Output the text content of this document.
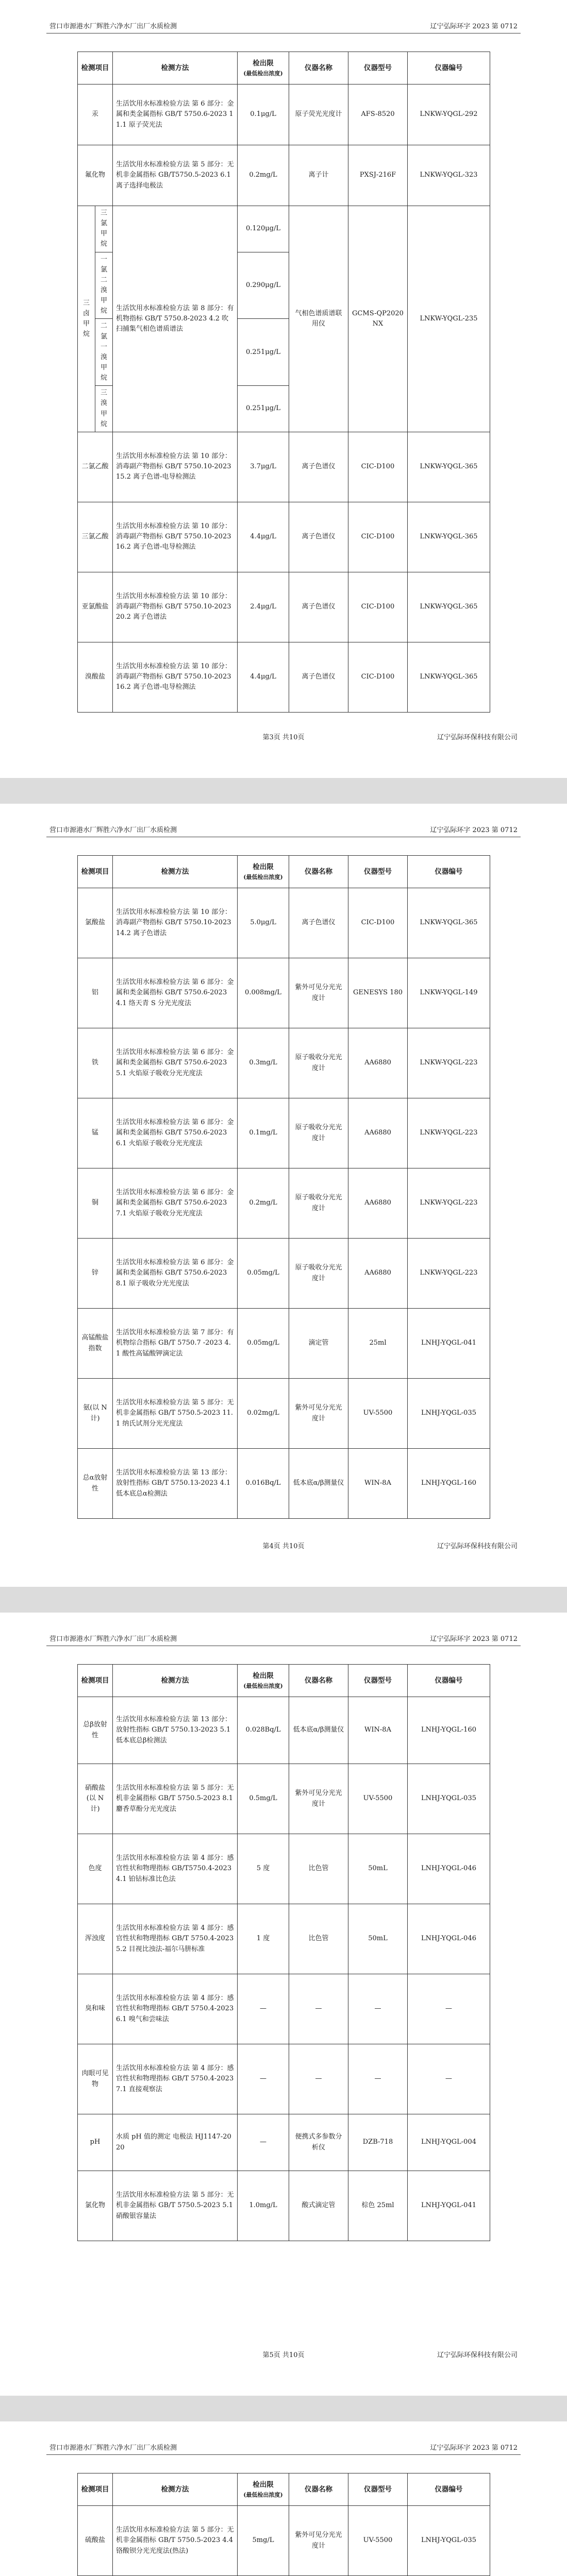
营口市源港水厂辉胜六净水厂出厂水质检测	辽宁弘际环字 2023 第 0712
检测项目		检测方法	检出限
(最低检出浓度)	仪器名称	仪器型号	仪器编号
汞		生活饮用水标准检验方法 第 6 部分：金属和类金属指标 GB/T 5750.6-2023 11.1 原子荧光法	0.1μg/L	原子荧光光度计	AFS-8520	LNKW-YQGL-292
氟化物		生活饮用水标准检验方法 第 5 部分：无机非金属指标 GB/T5750.5-2023 6.1 离子选择电极法	0.2mg/L	离子计	PXSJ-216F	LNKW-YQGL-323
三卤甲烷	三氯甲烷	生活饮用水标准检验方法 第 8 部分：有机物指标 GB/T 5750.8-2023 4.2 吹扫捕集气相色谱质谱法	0.120μg/L	气相色谱质谱联用仪	GCMS-QP2020NX	LNKW-YQGL-235
	一氯二溴甲烷		0.290μg/L			
	二氯一溴甲烷		0.251μg/L			
	三溴甲烷		0.251μg/L			
二氯乙酸		生活饮用水标准检验方法 第 10 部分：消毒副产物指标 GB/T 5750.10-2023 15.2 离子色谱-电导检测法	3.7μg/L	离子色谱仪	CIC-D100	LNKW-YQGL-365
三氯乙酸		生活饮用水标准检验方法 第 10 部分：消毒副产物指标 GB/T 5750.10-2023 16.2 离子色谱-电导检测法	4.4μg/L	离子色谱仪	CIC-D100	LNKW-YQGL-365
亚氯酸盐		生活饮用水标准检验方法 第 10 部分：消毒副产物指标 GB/T 5750.10-2023 20.2 离子色谱法	2.4μg/L	离子色谱仪	CIC-D100	LNKW-YQGL-365
溴酸盐		生活饮用水标准检验方法 第 10 部分：消毒副产物指标 GB/T 5750.10-2023 16.2 离子色谱-电导检测法	4.4μg/L	离子色谱仪	CIC-D100	LNKW-YQGL-365
第3页 共10页	辽宁弘际环保科技有限公司
营口市源港水厂辉胜六净水厂出厂水质检测	辽宁弘际环字 2023 第 0712
检测项目	检测方法	检出限
(最低检出浓度)	仪器名称	仪器型号	仪器编号
氯酸盐	生活饮用水标准检验方法 第 10 部分：消毒副产物指标 GB/T 5750.10-2023 14.2 离子色谱法	5.0μg/L	离子色谱仪	CIC-D100	LNKW-YQGL-365
铝	生活饮用水标准检验方法 第 6 部分：金属和类金属指标 GB/T 5750.6-2023 4.1 络天青 S 分光光度法	0.008mg/L	紫外可见分光光度计	GENESYS 180	LNKW-YQGL-149
铁	生活饮用水标准检验方法 第 6 部分：金属和类金属指标 GB/T 5750.6-2023 5.1 火焰原子吸收分光光度法	0.3mg/L	原子吸收分光光度计	AA6880	LNKW-YQGL-223
锰	生活饮用水标准检验方法 第 6 部分：金属和类金属指标 GB/T 5750.6-2023 6.1 火焰原子吸收分光光度法	0.1mg/L	原子吸收分光光度计	AA6880	LNKW-YQGL-223
铜	生活饮用水标准检验方法 第 6 部分：金属和类金属指标 GB/T 5750.6-2023 7.1 火焰原子吸收分光光度法	0.2mg/L	原子吸收分光光度计	AA6880	LNKW-YQGL-223
锌	生活饮用水标准检验方法 第 6 部分：金属和类金属指标 GB/T 5750.6-2023 8.1 原子吸收分光光度法	0.05mg/L	原子吸收分光光度计	AA6880	LNKW-YQGL-223
高锰酸盐指数	生活饮用水标准检验方法 第 7 部分：有机物综合指标 GB/T 5750.7 -2023 4.1 酸性高锰酸钾滴定法	0.05mg/L	滴定管	25ml	LNHJ-YQGL-041
氨(以 N 计)	生活饮用水标准检验方法 第 5 部分：无机非金属指标 GB/T 5750.5-2023 11.1 纳氏试剂分光光度法	0.02mg/L	紫外可见分光光度计	UV-5500	LNHJ-YQGL-035
总α放射性	生活饮用水标准检验方法 第 13 部分：放射性指标 GB/T 5750.13-2023 4.1 低本底总α检测法	0.016Bq/L	低本底α/β测量仪	WIN-8A	LNHJ-YQGL-160
第4页 共10页	辽宁弘际环保科技有限公司
营口市源港水厂辉胜六净水厂出厂水质检测	辽宁弘际环字 2023 第 0712
检测项目	检测方法	检出限
(最低检出浓度)	仪器名称	仪器型号	仪器编号
总β放射性	生活饮用水标准检验方法 第 13 部分：放射性指标 GB/T 5750.13-2023 5.1 低本底总β检测法	0.028Bq/L	低本底α/β测量仪	WIN-8A	LNHJ-YQGL-160
硝酸盐(以 N 计)	生活饮用水标准检验方法 第 5 部分：无机非金属指标 GB/T 5750.5-2023 8.1 麝香草酚分光光度法	0.5mg/L	紫外可见分光光度计	UV-5500	LNHJ-YQGL-035
色度	生活饮用水标准检验方法 第 4 部分：感官性状和物理指标 GB/T5750.4-2023 4.1 铂钴标准比色法	5 度	比色管	50mL	LNHJ-YQGL-046
浑浊度	生活饮用水标准检验方法 第 4 部分：感官性状和物理指标 GB/T 5750.4-2023 5.2 目视比浊法-福尔马肼标准	1 度	比色管	50mL	LNHJ-YQGL-046
臭和味	生活饮用水标准检验方法 第 4 部分：感官性状和物理指标 GB/T 5750.4-2023 6.1 嗅气和尝味法	—	—	—	—
肉眼可见物	生活饮用水标准检验方法 第 4 部分：感官性状和物理指标 GB/T 5750.4-2023 7.1 直接观察法	—	—	—	—
pH	水质 pH 值的测定 电极法 HJ1147-2020	—	便携式多参数分析仪	DZB-718	LNHJ-YQGL-004
氯化物	生活饮用水标准检验方法 第 5 部分：无机非金属指标 GB/T 5750.5-2023 5.1 硝酸银容量法	1.0mg/L	酸式滴定管	棕色 25ml	LNHJ-YQGL-041
第5页 共10页	辽宁弘际环保科技有限公司
营口市源港水厂辉胜六净水厂出厂水质检测	辽宁弘际环字 2023 第 0712
检测项目	检测方法	检出限
(最低检出浓度)	仪器名称	仪器型号	仪器编号
硫酸盐	生活饮用水标准检验方法 第 5 部分：无机非金属指标 GB/T 5750.5-2023 4.4 铬酸钡分光光度法(热法)	5mg/L	紫外可见分光光度计	UV-5500	LNHJ-YQGL-035
